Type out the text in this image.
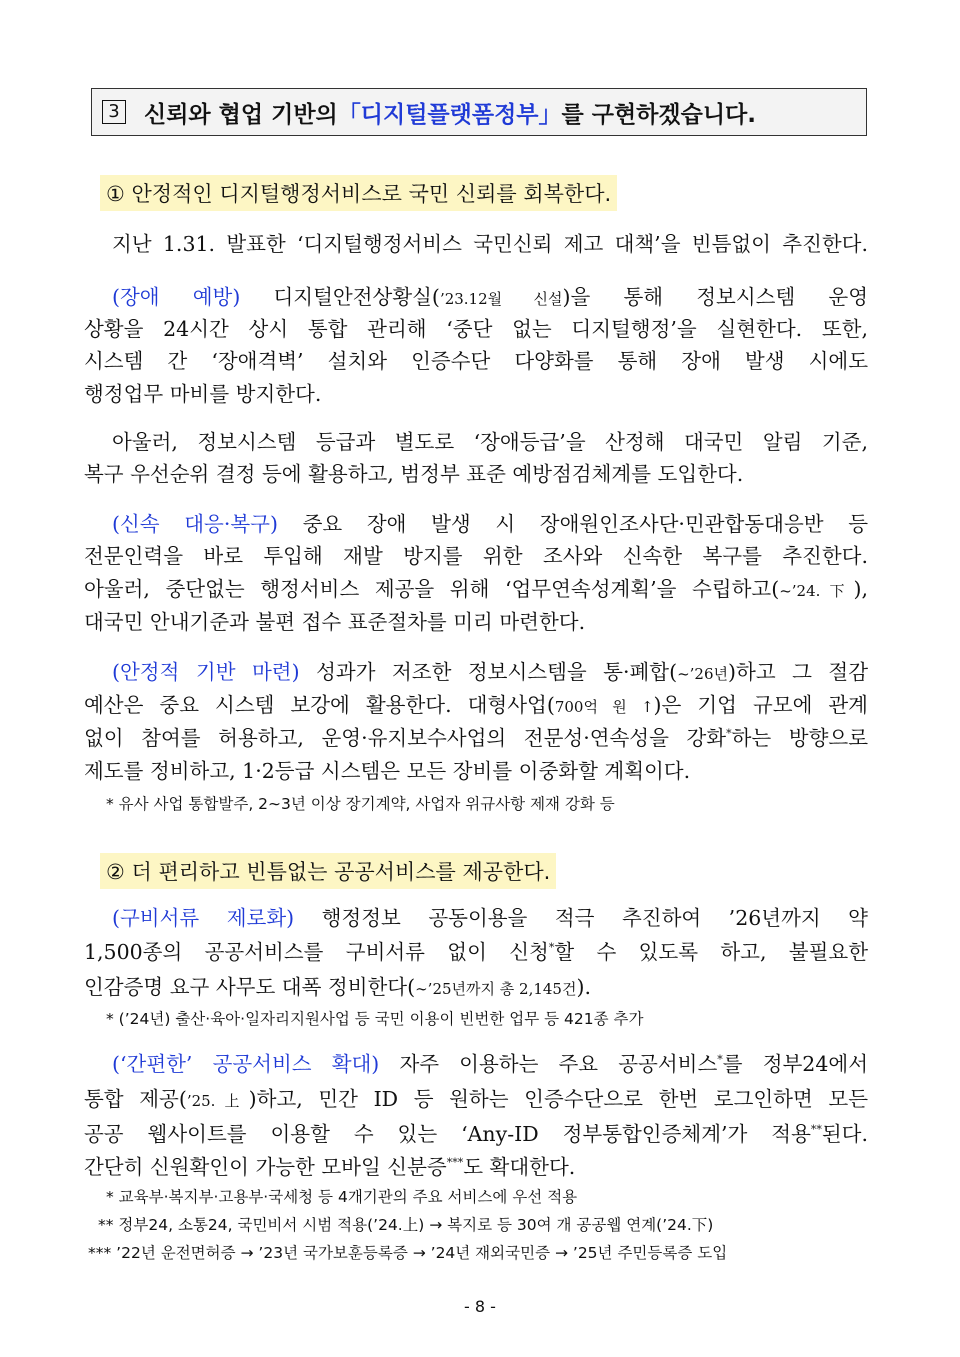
3 신뢰와 협업 기반의 「디지털플랫폼정부」 를 구현하겠습니다.
① 안정적인 디지털행정서비스로 국민 신뢰를 회복한다.
지난 1.31. 발표한 ‘디지털행정서비스 국민신뢰 제고 대책’을 빈틈없이 추진한다.
(장애 예방) 디지털안전상황실(’23.12월 신설)을 통해 정보시스템 운영
상황을 24시간 상시 통합 관리해 ‘중단 없는 디지털행정’을 실현한다. 또한,
시스템 간 ‘장애격벽’ 설치와 인증수단 다양화를 통해 장애 발생 시에도
행정업무 마비를 방지한다.
아울러, 정보시스템 등급과 별도로 ‘장애등급’을 산정해 대국민 알림 기준,
복구 우선순위 결정 등에 활용하고, 범정부 표준 예방점검체계를 도입한다.
(신속 대응·복구) 중요 장애 발생 시 장애원인조사단·민관합동대응반 등
전문인력을 바로 투입해 재발 방지를 위한 조사와 신속한 복구를 추진한다.
아울러, 중단없는 행정서비스 제공을 위해 ‘업무연속성계획’을 수립하고(~’24.下),
대국민 안내기준과 불편 접수 표준절차를 미리 마련한다.
(안정적 기반 마련) 성과가 저조한 정보시스템을 통·폐합(~’26년)하고 그 절감
예산은 중요 시스템 보강에 활용한다. 대형사업(700억 원 ↑)은 기업 규모에 관계
없이 참여를 허용하고, 운영·유지보수사업의 전문성·연속성을 강화*하는 방향으로
제도를 정비하고, 1·2등급 시스템은 모든 장비를 이중화할 계획이다.
* 유사 사업 통합발주, 2∼3년 이상 장기계약, 사업자 위규사항 제재 강화 등
② 더 편리하고 빈틈없는 공공서비스를 제공한다.
(구비서류 제로화) 행정정보 공동이용을 적극 추진하여 ’26년까지 약
1,500종의 공공서비스를 구비서류 없이 신청*할 수 있도록 하고, 불필요한
인감증명 요구 사무도 대폭 정비한다(∼’25년까지 총 2,145건).
* (’24년) 출산·육아·일자리지원사업 등 국민 이용이 빈번한 업무 등 421종 추가
(‘간편한’ 공공서비스 확대) 자주 이용하는 주요 공공서비스*를 정부24에서
통합 제공(’25.上)하고, 민간 ID 등 원하는 인증수단으로 한번 로그인하면 모든
공공 웹사이트를 이용할 수 있는 ‘Any-ID 정부통합인증체계’가 적용**된다.
간단히 신원확인이 가능한 모바일 신분증***도 확대한다.
* 교육부·복지부·고용부·국세청 등 4개기관의 주요 서비스에 우선 적용
** 정부24, 소통24, 국민비서 시범 적용(’24.上) → 복지로 등 30여 개 공공웹 연계(’24.下)
*** ’22년 운전면허증 → ’23년 국가보훈등록증 → ’24년 재외국민증 → ’25년 주민등록증 도입
- 8 -
